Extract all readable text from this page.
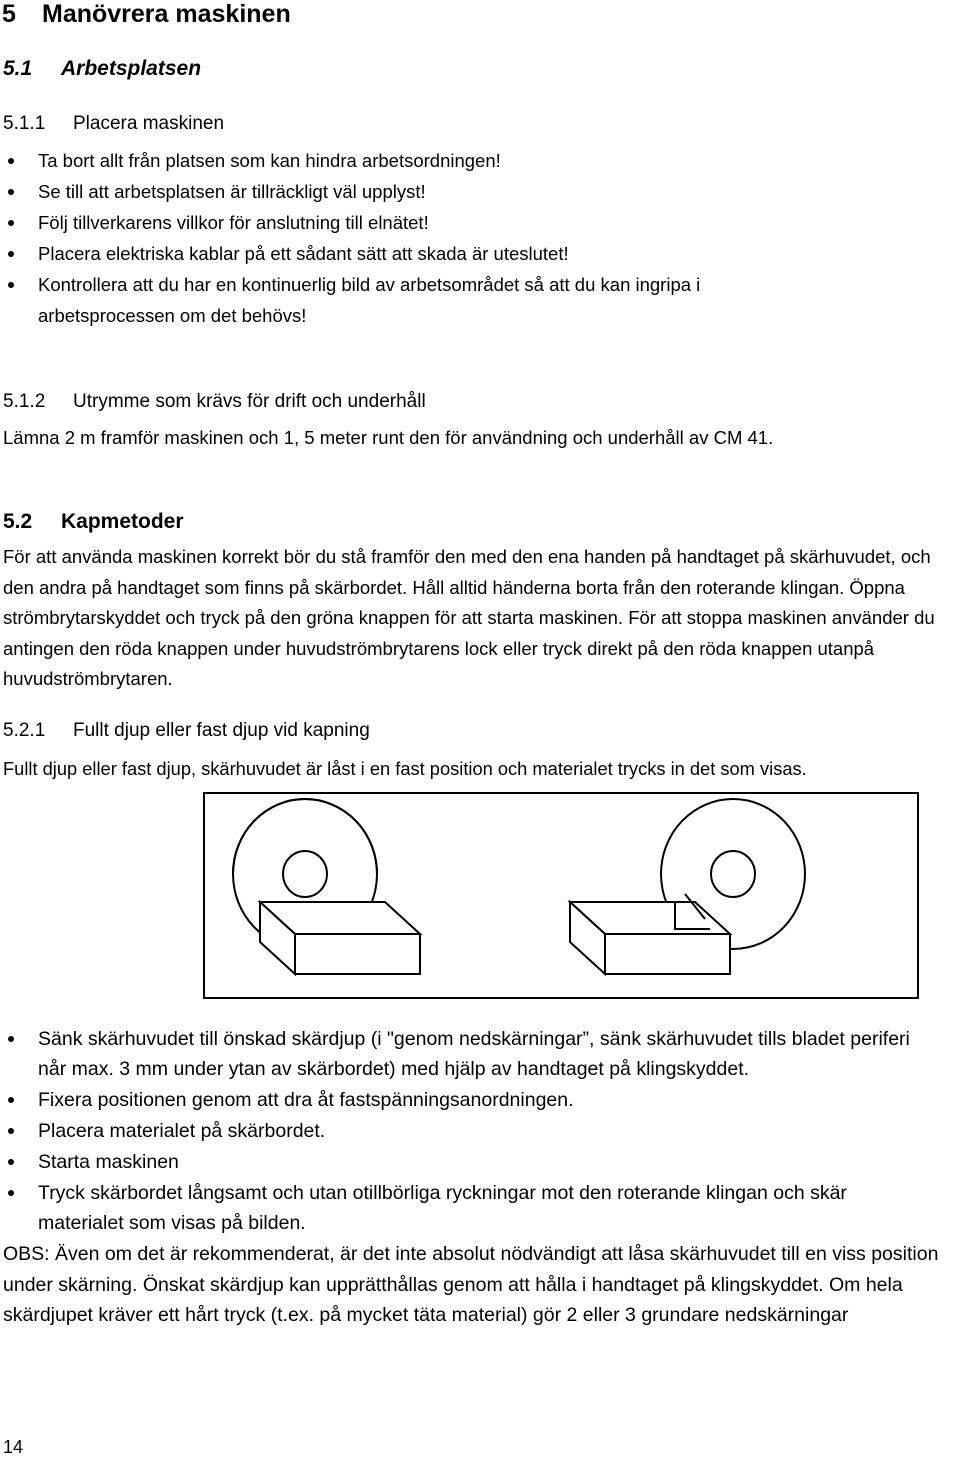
5 Manövrera maskinen
5.1 Arbetsplatsen
5.1.1 Placera maskinen
Ta bort allt från platsen som kan hindra arbetsordningen!
Se till att arbetsplatsen är tillräckligt väl upplyst!
Följ tillverkarens villkor för anslutning till elnätet!
Placera elektriska kablar på ett sådant sätt att skada är uteslutet!
Kontrollera att du har en kontinuerlig bild av arbetsområdet så att du kan ingripa i arbetsprocessen om det behövs!
5.1.2 Utrymme som krävs för drift och underhåll
Lämna 2 m framför maskinen och 1, 5 meter runt den för användning och underhåll av CM 41.
5.2 Kapmetoder
För att använda maskinen korrekt bör du stå framför den med den ena handen på handtaget på skärhuvudet, och den andra på handtaget som finns på skärbordet. Håll alltid händerna borta från den roterande klingan. Öppna strömbrytarskyddet och tryck på den gröna knappen för att starta maskinen. För att stoppa maskinen använder du antingen den röda knappen under huvudströmbrytarens lock eller tryck direkt på den röda knappen utanpå huvudströmbrytaren.
5.2.1 Fullt djup eller fast djup vid kapning
Fullt djup eller fast djup, skärhuvudet är låst i en fast position och materialet trycks in det som visas.
Sänk skärhuvudet till önskad skärdjup (i "genom nedskärningar”, sänk skärhuvudet tills bladet periferi når max. 3 mm under ytan av skärbordet) med hjälp av handtaget på klingskyddet.
Fixera positionen genom att dra åt fastspänningsanordningen.
Placera materialet på skärbordet.
Starta maskinen
Tryck skärbordet långsamt och utan otillbörliga ryckningar mot den roterande klingan och skär materialet som visas på bilden.
OBS: Även om det är rekommenderat, är det inte absolut nödvändigt att låsa skärhuvudet till en viss position under skärning. Önskat skärdjup kan upprätthållas genom att hålla i handtaget på klingskyddet. Om hela skärdjupet kräver ett hårt tryck (t.ex. på mycket täta material) gör 2 eller 3 grundare nedskärningar
14
